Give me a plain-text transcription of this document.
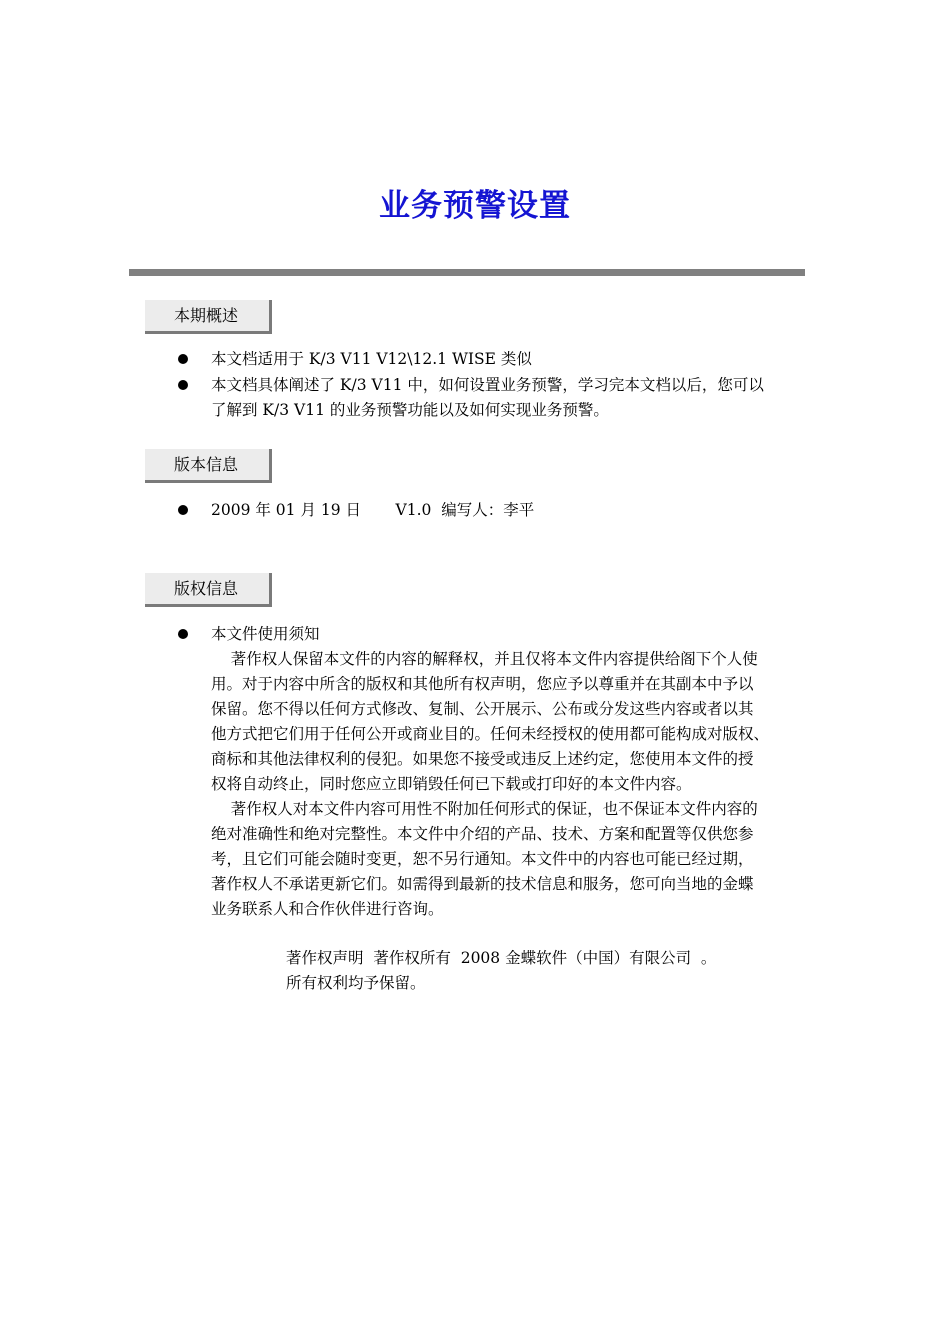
业务预警设置
本期概述
本文档适用于 K/3 V11 V12\12.1 WISE 类似
本文档具体阐述了 K/3 V11 中，如何设置业务预警，学习完本文档以后，您可以
了解到 K/3 V11 的业务预警功能以及如何实现业务预警。
版本信息
2009 年 01 月 19 日       V1.0  编写人：李平
版权信息
本文件使用须知
著作权人保留本文件的内容的解释权，并且仅将本文件内容提供给阁下个人使
用。对于内容中所含的版权和其他所有权声明，您应予以尊重并在其副本中予以
保留。您不得以任何方式修改、复制、公开展示、公布或分发这些内容或者以其
他方式把它们用于任何公开或商业目的。任何未经授权的使用都可能构成对版权、
商标和其他法律权利的侵犯。如果您不接受或违反上述约定，您使用本文件的授
权将自动终止，同时您应立即销毁任何已下载或打印好的本文件内容。
著作权人对本文件内容可用性不附加任何形式的保证，也不保证本文件内容的
绝对准确性和绝对完整性。本文件中介绍的产品、技术、方案和配置等仅供您参
考，且它们可能会随时变更，恕不另行通知。本文件中的内容也可能已经过期，
著作权人不承诺更新它们。如需得到最新的技术信息和服务，您可向当地的金蝶
业务联系人和合作伙伴进行咨询。
著作权声明  著作权所有  2008 金蝶软件（中国）有限公司  。
所有权利均予保留。
